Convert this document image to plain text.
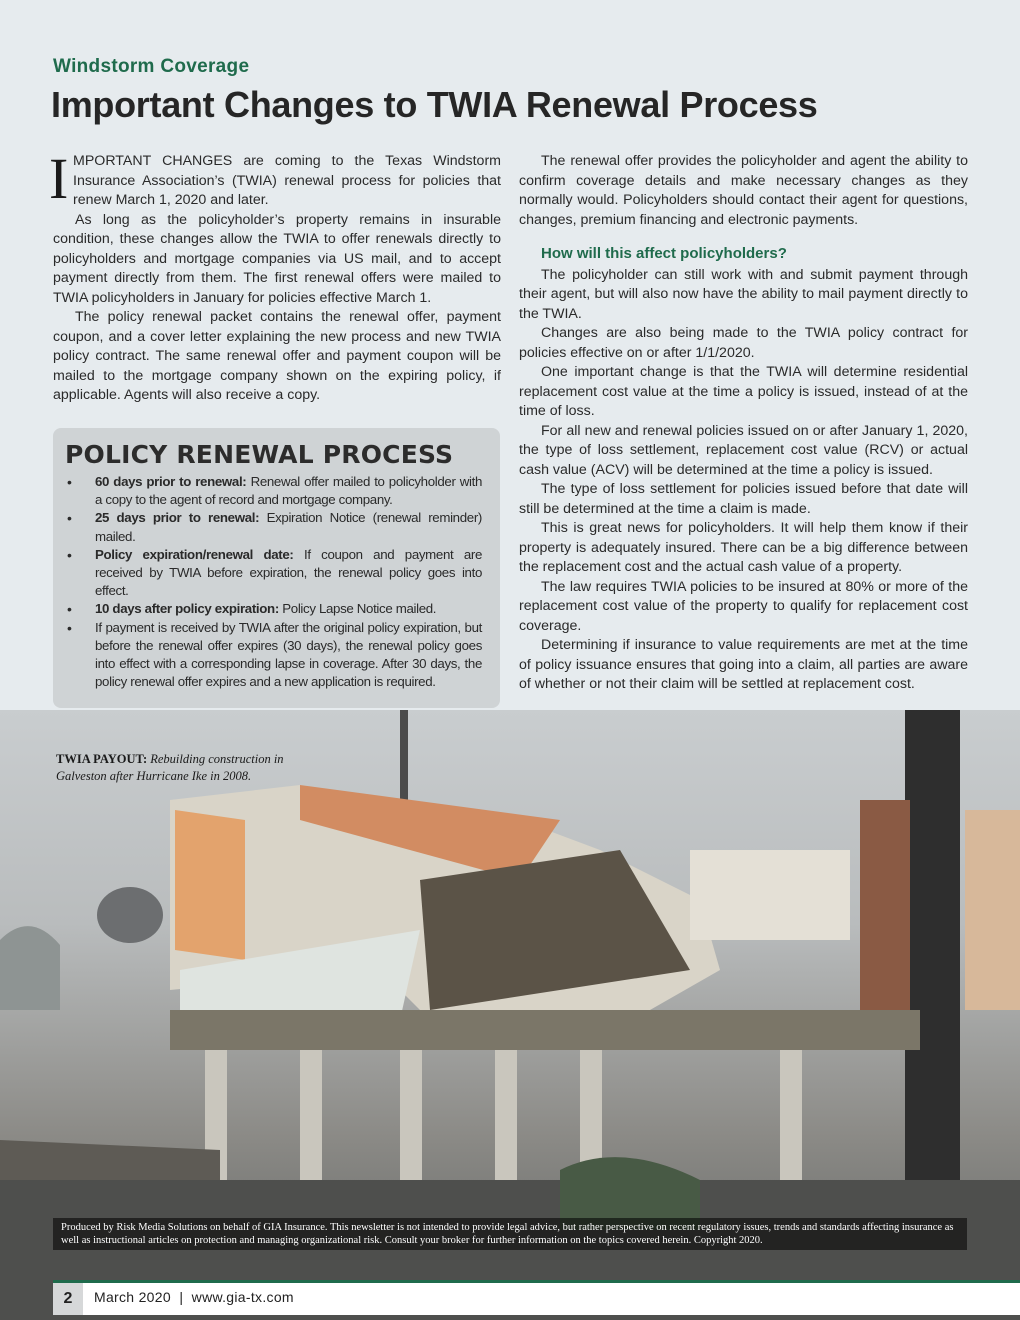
Windstorm Coverage
Important Changes to TWIA Renewal Process

I MPORTANT CHANGES are coming to the Texas Windstorm Insurance Association’s (TWIA) renewal process for policies that renew March 1, 2020 and later.

As long as the policyholder’s property remains in insurable condition, these changes allow the TWIA to offer renewals directly to policyholders and mortgage companies via US mail, and to accept payment directly from them. The first renewal offers were mailed to TWIA policyholders in January for policies effective March 1.

The policy renewal packet contains the renewal offer, payment coupon, and a cover letter explaining the new process and new TWIA policy contract. The same renewal offer and payment coupon will be mailed to the mortgage company shown on the expiring policy, if applicable. Agents will also receive a copy.

POLICY RENEWAL PROCESS
• 60 days prior to renewal: Renewal offer mailed to policyholder with a copy to the agent of record and mortgage company.
• 25 days prior to renewal: Expiration Notice (renewal reminder) mailed.
• Policy expiration/renewal date: If coupon and payment are received by TWIA before expiration, the renewal policy goes into effect.
• 10 days after policy expiration: Policy Lapse Notice mailed.
• If payment is received by TWIA after the original policy expiration, but before the renewal offer expires (30 days), the renewal policy goes into effect with a corresponding lapse in coverage. After 30 days, the policy renewal offer expires and a new application is required.

The renewal offer provides the policyholder and agent the ability to confirm coverage details and make necessary changes as they normally would. Policyholders should contact their agent for questions, changes, premium financing and electronic payments.

How will this affect policyholders?

The policyholder can still work with and submit payment through their agent, but will also now have the ability to mail payment directly to the TWIA.

Changes are also being made to the TWIA policy contract for policies effective on or after 1/1/2020.

One important change is that the TWIA will determine residential replacement cost value at the time a policy is issued, instead of at the time of loss.

For all new and renewal policies issued on or after January 1, 2020, the type of loss settlement, replacement cost value (RCV) or actual cash value (ACV) will be determined at the time a policy is issued.

The type of loss settlement for policies issued before that date will still be determined at the time a claim is made.

This is great news for policyholders. It will help them know if their property is adequately insured. There can be a big difference between the replacement cost and the actual cash value of a property.

The law requires TWIA policies to be insured at 80% or more of the replacement cost value of the property to qualify for replacement cost coverage.

Determining if insurance to value requirements are met at the time of policy issuance ensures that going into a claim, all parties are aware of whether or not their claim will be settled at replacement cost.

TWIA PAYOUT: Rebuilding construction in Galveston after Hurricane Ike in 2008.
Produced by Risk Media Solutions on behalf of GIA Insurance. This newsletter is not intended to provide legal advice, but rather perspective on recent regulatory issues, trends and standards affecting insurance as well as instructional articles on protection and managing organizational risk. Consult your broker for further information on the topics covered herein. Copyright 2020.
2	March 2020 | www.gia-tx.com
